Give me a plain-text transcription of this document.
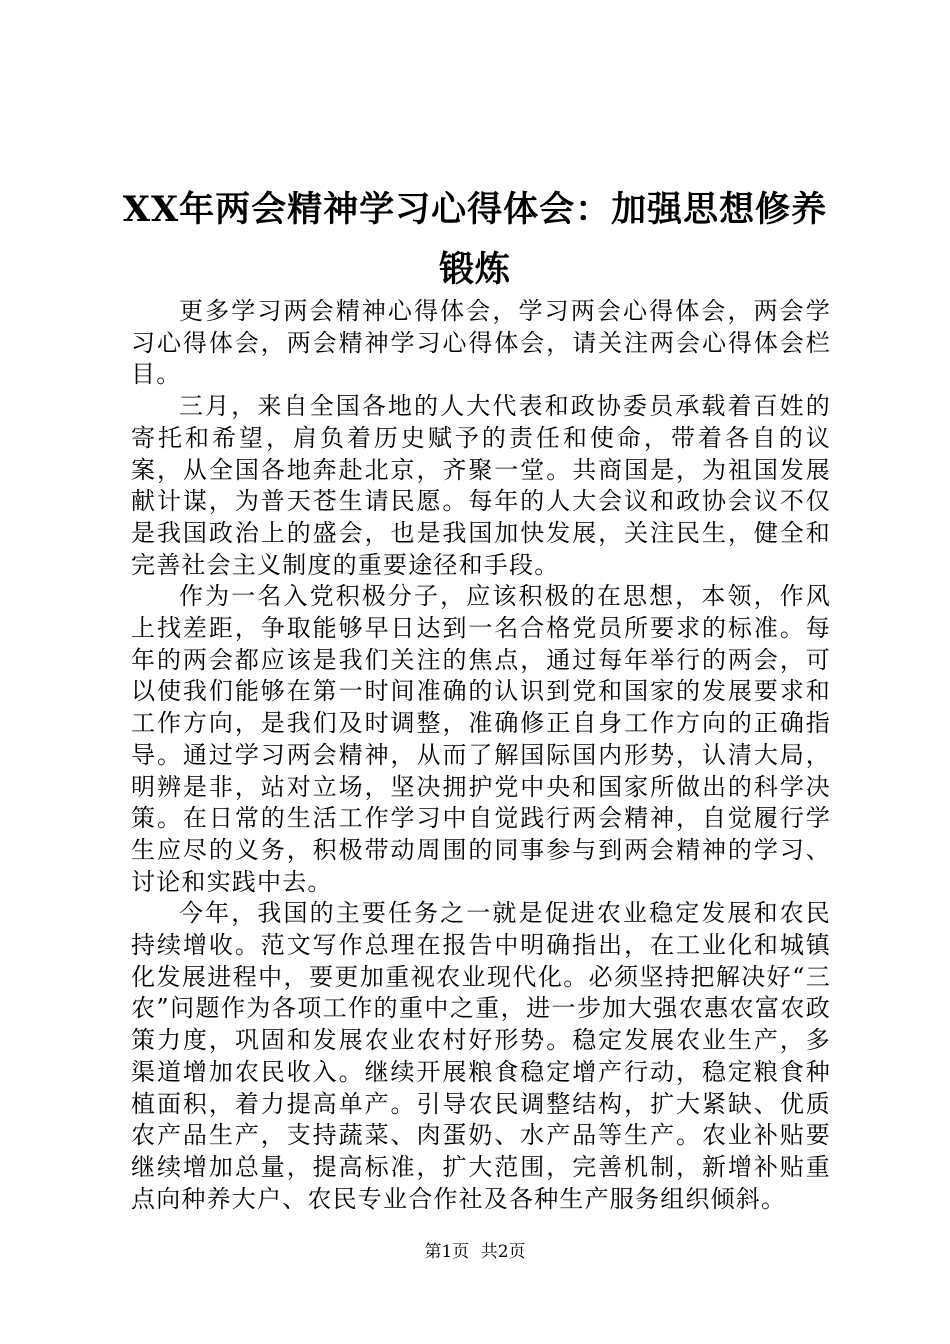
XX年两会精神学习心得体会：加强思想修养
锻炼

更多学习两会精神心得体会，学习两会心得体会，两会学习心得体会，两会精神学习心得体会，请关注两会心得体会栏目。

三月，来自全国各地的人大代表和政协委员承载着百姓的寄托和希望，肩负着历史赋予的责任和使命，带着各自的议案，从全国各地奔赴北京，齐聚一堂。共商国是，为祖国发展献计谋，为普天苍生请民愿。每年的人大会议和政协会议不仅是我国政治上的盛会，也是我国加快发展，关注民生，健全和完善社会主义制度的重要途径和手段。

作为一名入党积极分子，应该积极的在思想，本领，作风上找差距，争取能够早日达到一名合格党员所要求的标准。每年的两会都应该是我们关注的焦点，通过每年举行的两会，可以使我们能够在第一时间准确的认识到党和国家的发展要求和工作方向，是我们及时调整，准确修正自身工作方向的正确指导。通过学习两会精神，从而了解国际国内形势，认清大局，明辨是非，站对立场，坚决拥护党中央和国家所做出的科学决策。在日常的生活工作学习中自觉践行两会精神，自觉履行学生应尽的义务，积极带动周围的同事参与到两会精神的学习、讨论和实践中去。

今年，我国的主要任务之一就是促进农业稳定发展和农民持续增收。范文写作总理在报告中明确指出，在工业化和城镇化发展进程中，要更加重视农业现代化。必须坚持把解决好“三农”问题作为各项工作的重中之重，进一步加大强农惠农富农政策力度，巩固和发展农业农村好形势。稳定发展农业生产，多渠道增加农民收入。继续开展粮食稳定增产行动，稳定粮食种植面积，着力提高单产。引导农民调整结构，扩大紧缺、优质农产品生产，支持蔬菜、肉蛋奶、水产品等生产。农业补贴要继续增加总量，提高标准，扩大范围，完善机制，新增补贴重点向种养大户、农民专业合作社及各种生产服务组织倾斜。

第1页 共2页
